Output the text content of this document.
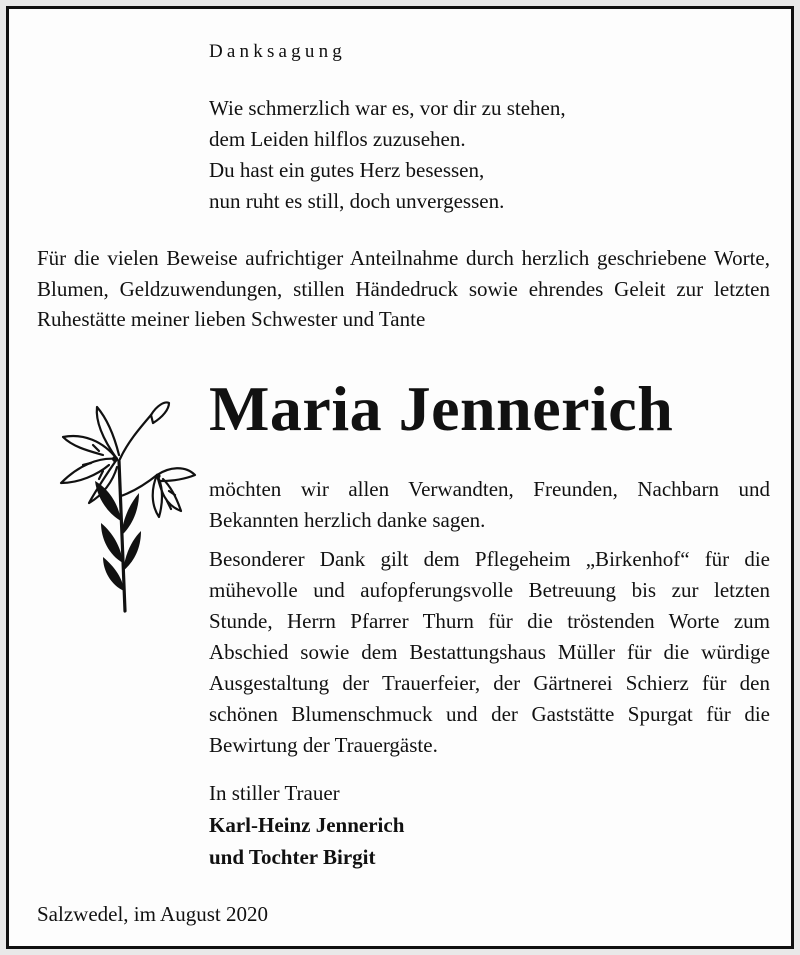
Danksagung
Wie schmerzlich war es, vor dir zu stehen,
dem Leiden hilflos zuzusehen.
Du hast ein gutes Herz besessen,
nun ruht es still, doch unvergessen.
Für die vielen Beweise aufrichtiger Anteilnahme durch herzlich geschriebene Worte, Blumen, Geldzuwendungen, stillen Händedruck sowie ehrendes Geleit zur letzten Ruhestätte meiner lieben Schwester und Tante
Maria Jennerich

möchten wir allen Verwandten, Freunden, Nachbarn und Bekannten herzlich danke sagen.

Besonderer Dank gilt dem Pflegeheim „Birkenhof“ für die mühevolle und aufopferungsvolle Betreuung bis zur letzten Stunde, Herrn Pfarrer Thurn für die tröstenden Worte zum Abschied sowie dem Bestattungshaus Müller für die würdige Ausgestaltung der Trauerfeier, der Gärtnerei Schierz für den schönen Blumenschmuck und der Gaststätte Spurgat für die Bewirtung der Trauergäste.

In stiller Trauer
Karl-Heinz Jennerich
und Tochter Birgit
Salzwedel, im August 2020
